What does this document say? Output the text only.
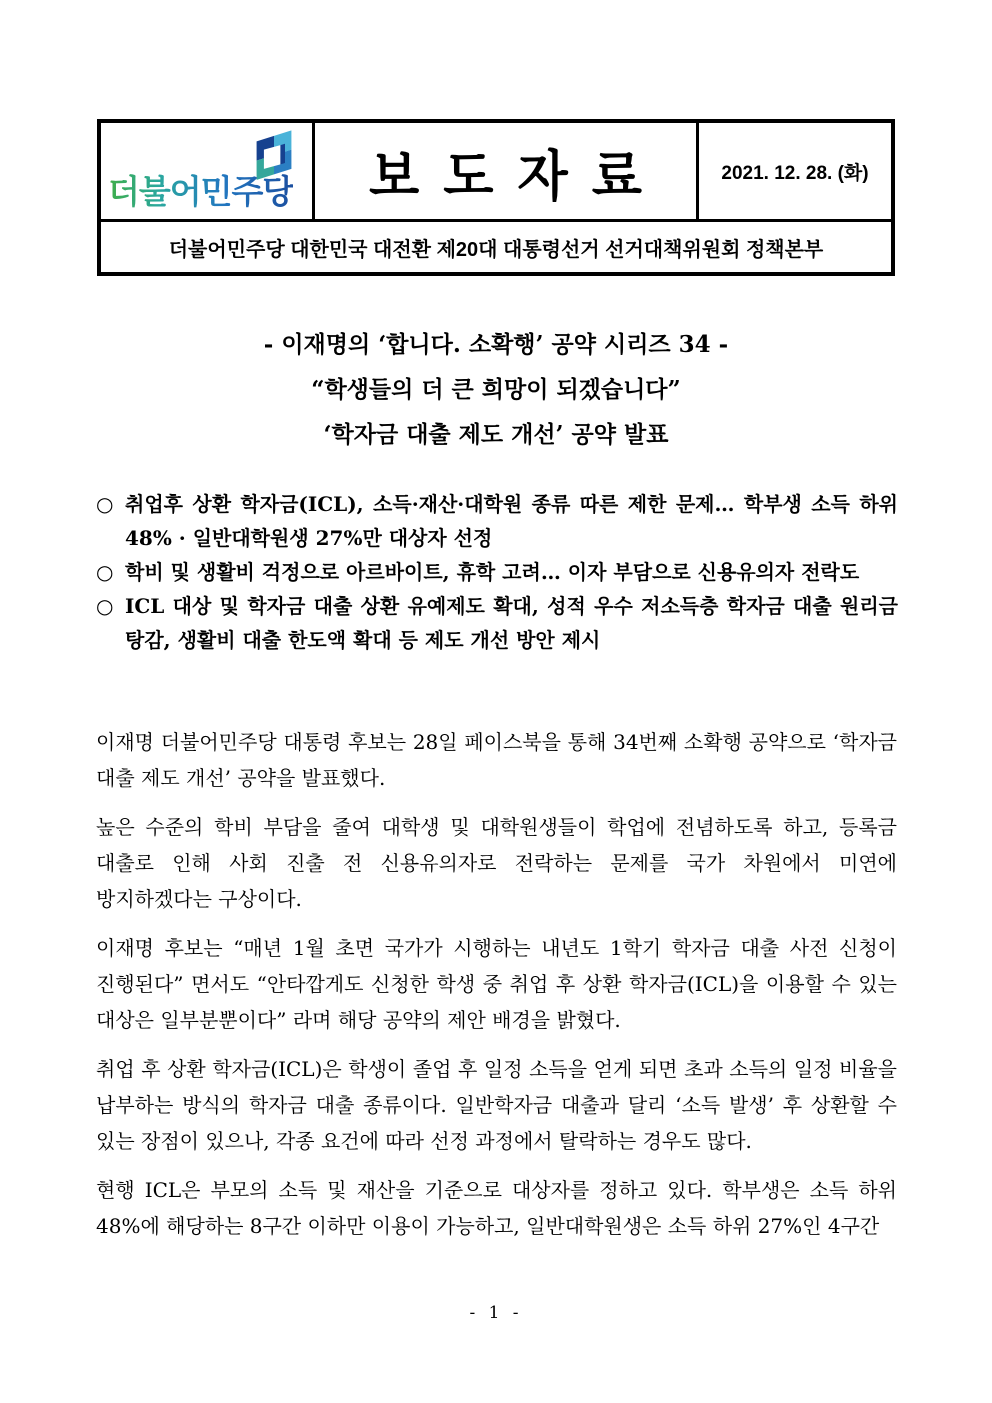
더불어민주당 보도자료	2021. 12. 28. (화)
더불어민주당 대한민국 대전환 제20대 대통령선거 선거대책위원회 정책본부
- 이재명의 ‘합니다. 소확행’ 공약 시리즈 34 -
“학생들의 더 큰 희망이 되겠습니다”
‘학자금 대출 제도 개선’ 공약 발표
○ 취업후 상환 학자금(ICL), 소득·재산·대학원 종류 따른 제한 문제… 학부생 소득 하위 48% · 일반대학원생 27%만 대상자 선정
○ 학비 및 생활비 걱정으로 아르바이트, 휴학 고려… 이자 부담으로 신용유의자 전락도
○ ICL 대상 및 학자금 대출 상환 유예제도 확대, 성적 우수 저소득층 학자금 대출 원리금 탕감, 생활비 대출 한도액 확대 등 제도 개선 방안 제시

이재명 더불어민주당 대통령 후보는 28일 페이스북을 통해 34번째 소확행 공약으로 ‘학자금 대출 제도 개선’ 공약을 발표했다.

높은 수준의 학비 부담을 줄여 대학생 및 대학원생들이 학업에 전념하도록 하고, 등록금 대출로 인해 사회 진출 전 신용유의자로 전락하는 문제를 국가 차원에서 미연에 방지하겠다는 구상이다.

이재명 후보는 “매년 1월 초면 국가가 시행하는 내년도 1학기 학자금 대출 사전 신청이 진행된다” 면서도 “안타깝게도 신청한 학생 중 취업 후 상환 학자금(ICL)을 이용할 수 있는 대상은 일부분뿐이다” 라며 해당 공약의 제안 배경을 밝혔다.

취업 후 상환 학자금(ICL)은 학생이 졸업 후 일정 소득을 얻게 되면 초과 소득의 일정 비율을 납부하는 방식의 학자금 대출 종류이다. 일반학자금 대출과 달리 ‘소득 발생’ 후 상환할 수 있는 장점이 있으나, 각종 요건에 따라 선정 과정에서 탈락하는 경우도 많다.

현행 ICL은 부모의 소득 및 재산을 기준으로 대상자를 정하고 있다. 학부생은 소득 하위 48%에 해당하는 8구간 이하만 이용이 가능하고, 일반대학원생은 소득 하위 27%인 4구간

- 1 -
